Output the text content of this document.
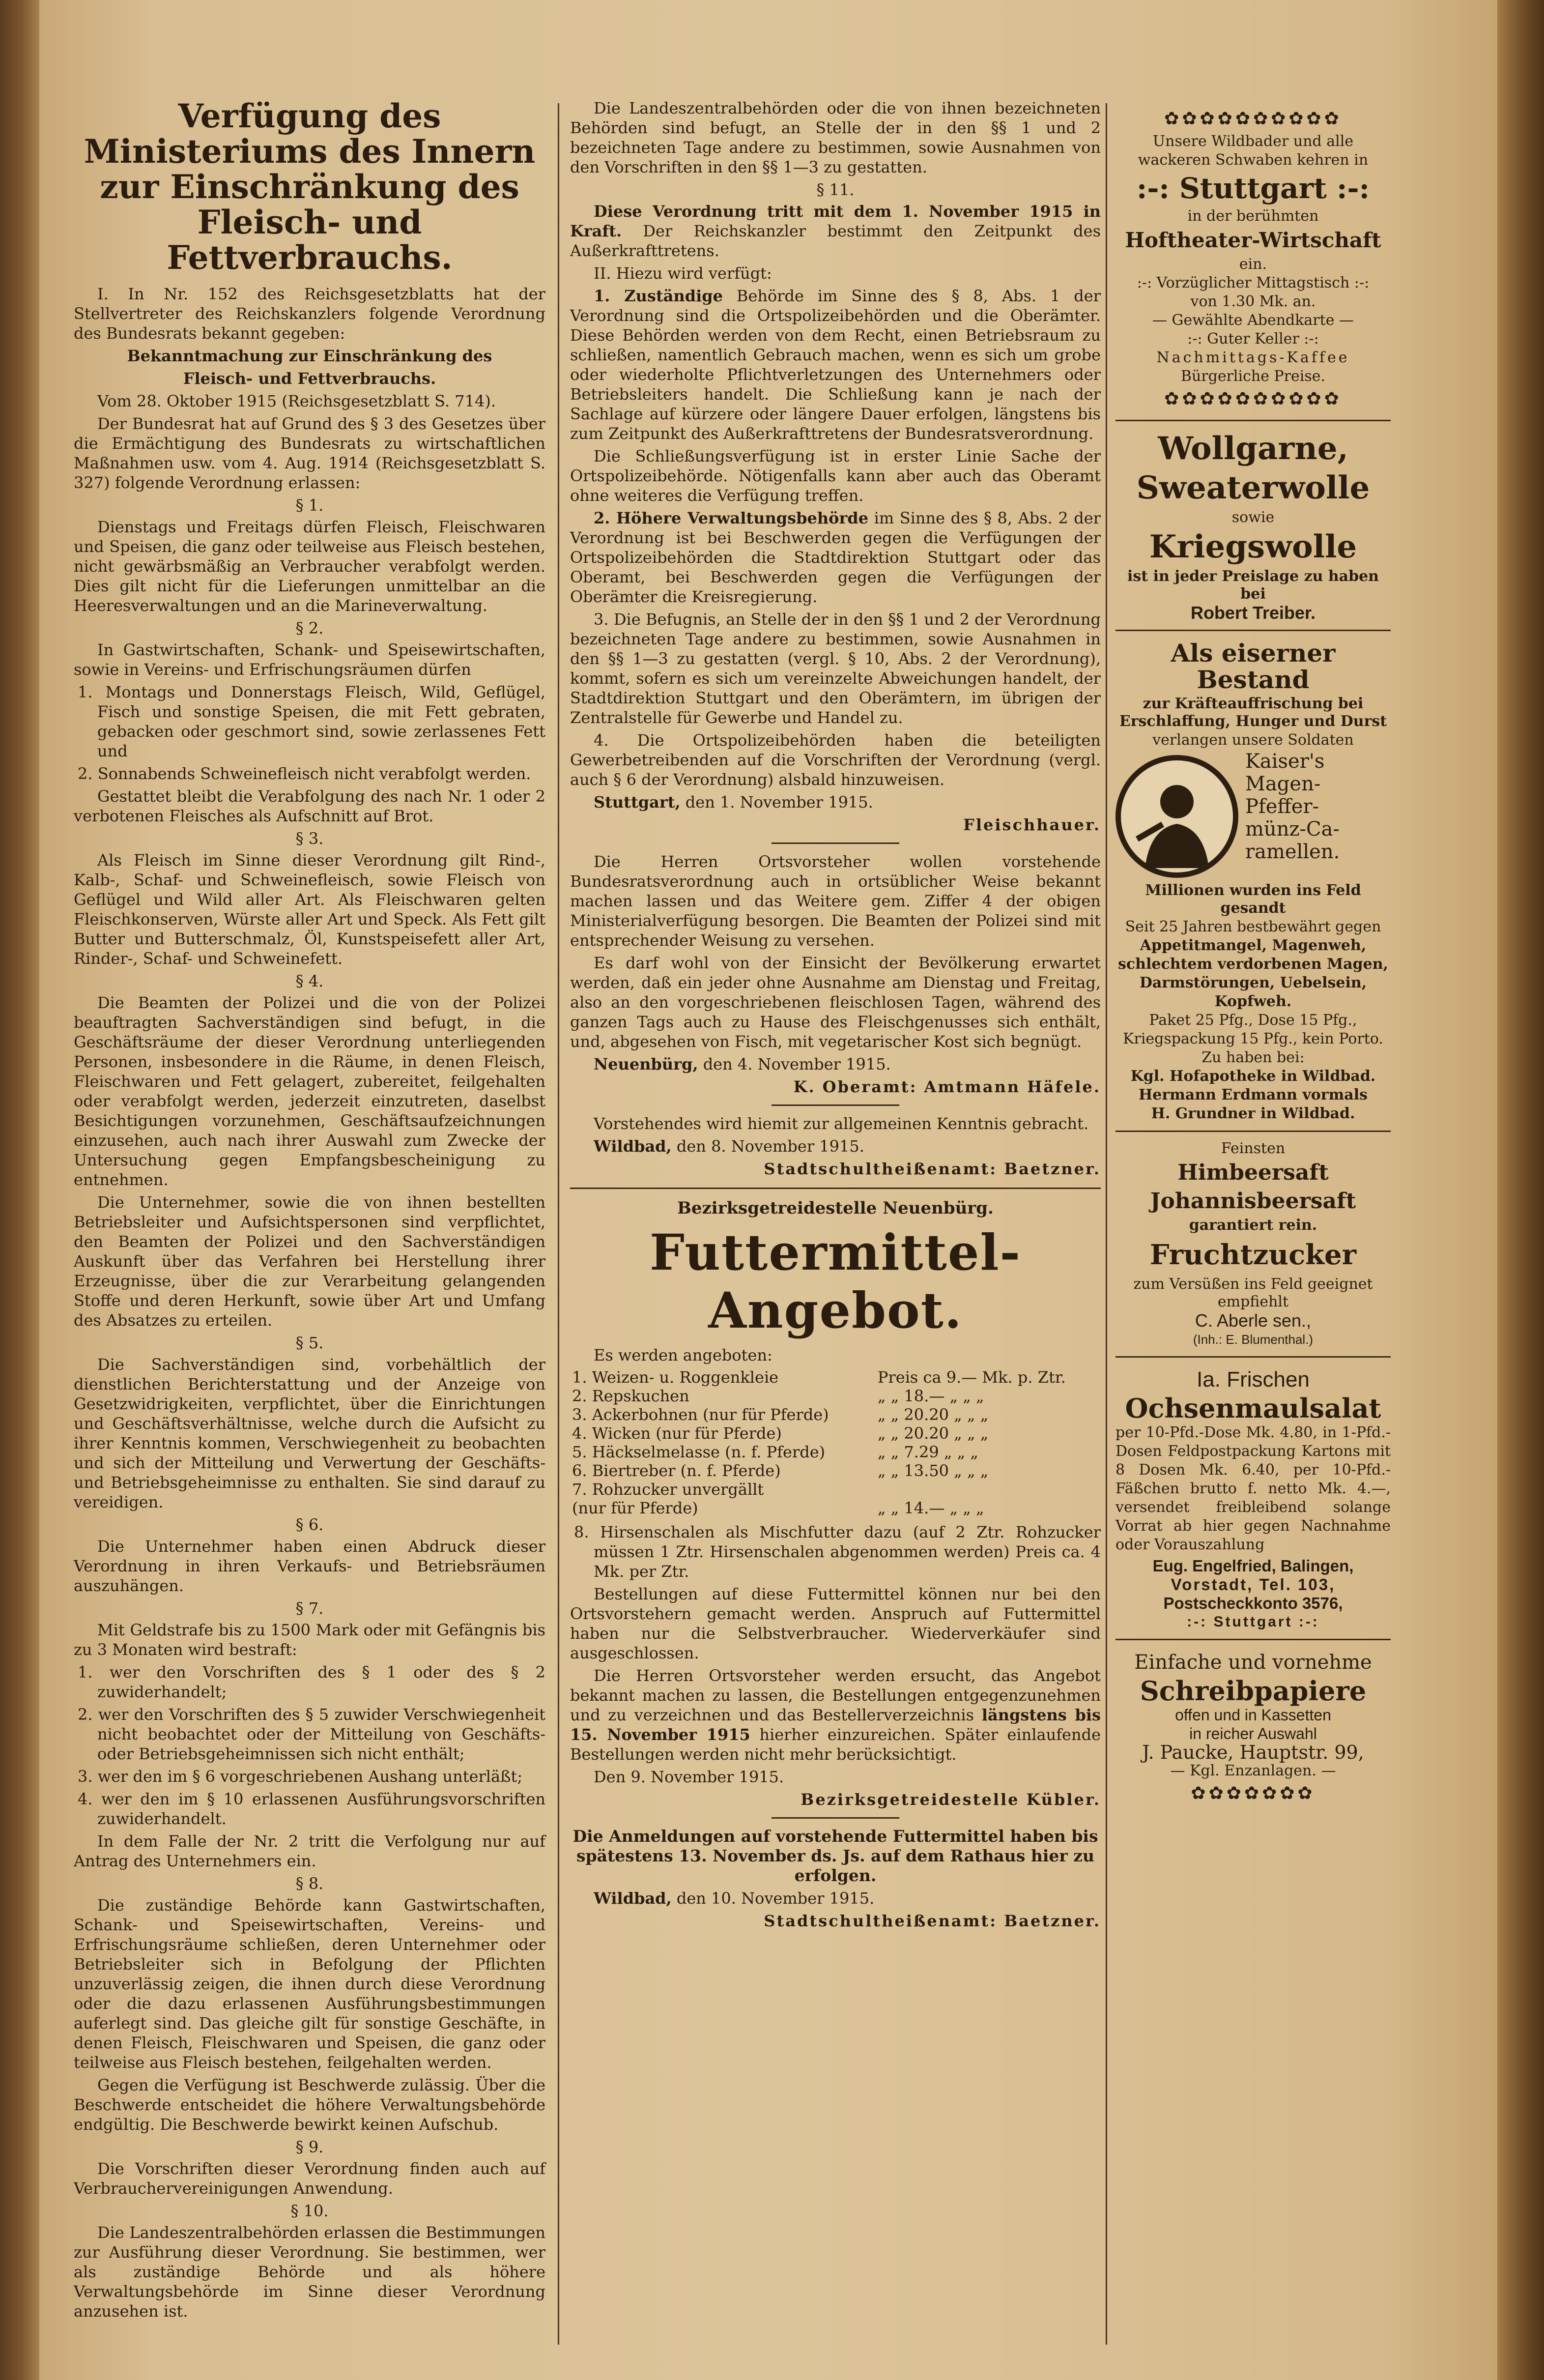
Verfügung des Ministeriums des Innern
zur Einschränkung des Fleisch- und Fettverbrauchs.

I. In Nr. 152 des Reichsgesetzblatts hat der Stellvertreter des Reichskanzlers folgende Verordnung des Bundesrats bekannt gegeben:

Bekanntmachung zur Einschränkung des

Fleisch- und Fettverbrauchs.

Vom 28. Oktober 1915 (Reichsgesetzblatt S. 714).

Der Bundesrat hat auf Grund des § 3 des Gesetzes über die Ermächtigung des Bundesrats zu wirtschaftlichen Maßnahmen usw. vom 4. Aug. 1914 (Reichsgesetzblatt S. 327) folgende Verordnung erlassen:

§ 1.

Dienstags und Freitags dürfen Fleisch, Fleischwaren und Speisen, die ganz oder teilweise aus Fleisch bestehen, nicht gewärbsmäßig an Verbraucher verabfolgt werden. Dies gilt nicht für die Lieferungen unmittelbar an die Heeresverwaltungen und an die Marineverwaltung.

§ 2.

In Gastwirtschaften, Schank- und Speisewirtschaften, sowie in Vereins- und Erfrischungsräumen dürfen

1. Montags und Donnerstags Fleisch, Wild, Geflügel, Fisch und sonstige Speisen, die mit Fett gebraten, gebacken oder geschmort sind, sowie zerlassenes Fett und

2. Sonnabends Schweinefleisch nicht verabfolgt werden.

Gestattet bleibt die Verabfolgung des nach Nr. 1 oder 2 verbotenen Fleisches als Aufschnitt auf Brot.

§ 3.

Als Fleisch im Sinne dieser Verordnung gilt Rind-, Kalb-, Schaf- und Schweinefleisch, sowie Fleisch von Geflügel und Wild aller Art. Als Fleischwaren gelten Fleischkonserven, Würste aller Art und Speck. Als Fett gilt Butter und Butterschmalz, Öl, Kunstspeisefett aller Art, Rinder-, Schaf- und Schweinefett.

§ 4.

Die Beamten der Polizei und die von der Polizei beauftragten Sachverständigen sind befugt, in die Geschäftsräume der dieser Verordnung unterliegenden Personen, insbesondere in die Räume, in denen Fleisch, Fleischwaren und Fett gelagert, zubereitet, feilgehalten oder verabfolgt werden, jederzeit einzutreten, daselbst Besichtigungen vorzunehmen, Geschäftsaufzeichnungen einzusehen, auch nach ihrer Auswahl zum Zwecke der Untersuchung gegen Empfangsbescheinigung zu entnehmen.

Die Unternehmer, sowie die von ihnen bestellten Betriebsleiter und Aufsichtspersonen sind verpflichtet, den Beamten der Polizei und den Sachverständigen Auskunft über das Verfahren bei Herstellung ihrer Erzeugnisse, über die zur Verarbeitung gelangenden Stoffe und deren Herkunft, sowie über Art und Umfang des Absatzes zu erteilen.

§ 5.

Die Sachverständigen sind, vorbehältlich der dienstlichen Berichterstattung und der Anzeige von Gesetzwidrigkeiten, verpflichtet, über die Einrichtungen und Geschäftsverhältnisse, welche durch die Aufsicht zu ihrer Kenntnis kommen, Verschwiegenheit zu beobachten und sich der Mitteilung und Verwertung der Geschäfts- und Betriebsgeheimnisse zu enthalten. Sie sind darauf zu vereidigen.

§ 6.

Die Unternehmer haben einen Abdruck dieser Verordnung in ihren Verkaufs- und Betriebsräumen auszuhängen.

§ 7.

Mit Geldstrafe bis zu 1500 Mark oder mit Gefängnis bis zu 3 Monaten wird bestraft:

1. wer den Vorschriften des § 1 oder des § 2 zuwiderhandelt;

2. wer den Vorschriften des § 5 zuwider Verschwiegenheit nicht beobachtet oder der Mitteilung von Geschäfts- oder Betriebsgeheimnissen sich nicht enthält;

3. wer den im § 6 vorgeschriebenen Aushang unterläßt;

4. wer den im § 10 erlassenen Ausführungsvorschriften zuwiderhandelt.

In dem Falle der Nr. 2 tritt die Verfolgung nur auf Antrag des Unternehmers ein.

§ 8.

Die zuständige Behörde kann Gastwirtschaften, Schank- und Speisewirtschaften, Vereins- und Erfrischungsräume schließen, deren Unternehmer oder Betriebsleiter sich in Befolgung der Pflichten unzuverlässig zeigen, die ihnen durch diese Verordnung oder die dazu erlassenen Ausführungsbestimmungen auferlegt sind. Das gleiche gilt für sonstige Geschäfte, in denen Fleisch, Fleischwaren und Speisen, die ganz oder teilweise aus Fleisch bestehen, feilgehalten werden.

Gegen die Verfügung ist Beschwerde zulässig. Über die Beschwerde entscheidet die höhere Verwaltungsbehörde endgültig. Die Beschwerde bewirkt keinen Aufschub.

§ 9.

Die Vorschriften dieser Verordnung finden auch auf Verbrauchervereinigungen Anwendung.

§ 10.

Die Landeszentralbehörden erlassen die Bestimmungen zur Ausführung dieser Verordnung. Sie bestimmen, wer als zuständige Behörde und als höhere Verwaltungsbehörde im Sinne dieser Verordnung anzusehen ist.

Die Landeszentralbehörden oder die von ihnen bezeichneten Behörden sind befugt, an Stelle der in den §§ 1 und 2 bezeichneten Tage andere zu bestimmen, sowie Ausnahmen von den Vorschriften in den §§ 1—3 zu gestatten.

§ 11.

Diese Verordnung tritt mit dem 1. November 1915 in Kraft. Der Reichskanzler bestimmt den Zeitpunkt des Außerkrafttretens.

II. Hiezu wird verfügt:

1. Zuständige Behörde im Sinne des § 8, Abs. 1 der Verordnung sind die Ortspolizeibehörden und die Oberämter. Diese Behörden werden von dem Recht, einen Betriebsraum zu schließen, namentlich Gebrauch machen, wenn es sich um grobe oder wiederholte Pflichtverletzungen des Unternehmers oder Betriebsleiters handelt. Die Schließung kann je nach der Sachlage auf kürzere oder längere Dauer erfolgen, längstens bis zum Zeitpunkt des Außerkrafttretens der Bundesratsverordnung.

Die Schließungsverfügung ist in erster Linie Sache der Ortspolizeibehörde. Nötigenfalls kann aber auch das Oberamt ohne weiteres die Verfügung treffen.

2. Höhere Verwaltungsbehörde im Sinne des § 8, Abs. 2 der Verordnung ist bei Beschwerden gegen die Verfügungen der Ortspolizeibehörden die Stadtdirektion Stuttgart oder das Oberamt, bei Beschwerden gegen die Verfügungen der Oberämter die Kreisregierung.

3. Die Befugnis, an Stelle der in den §§ 1 und 2 der Verordnung bezeichneten Tage andere zu bestimmen, sowie Ausnahmen in den §§ 1—3 zu gestatten (vergl. § 10, Abs. 2 der Verordnung), kommt, sofern es sich um vereinzelte Abweichungen handelt, der Stadtdirektion Stuttgart und den Oberämtern, im übrigen der Zentralstelle für Gewerbe und Handel zu.

4. Die Ortspolizeibehörden haben die beteiligten Gewerbetreibenden auf die Vorschriften der Verordnung (vergl. auch § 6 der Verordnung) alsbald hinzuweisen.

Stuttgart, den 1. November 1915.

Fleischhauer.

Die Herren Ortsvorsteher wollen vorstehende Bundesratsverordnung auch in ortsüblicher Weise bekannt machen lassen und das Weitere gem. Ziffer 4 der obigen Ministerialverfügung besorgen. Die Beamten der Polizei sind mit entsprechender Weisung zu versehen.

Es darf wohl von der Einsicht der Bevölkerung erwartet werden, daß ein jeder ohne Ausnahme am Dienstag und Freitag, also an den vorgeschriebenen fleischlosen Tagen, während des ganzen Tags auch zu Hause des Fleischgenusses sich enthält, und, abgesehen von Fisch, mit vegetarischer Kost sich begnügt.

Neuenbürg, den 4. November 1915.

K. Oberamt: Amtmann Häfele.

Vorstehendes wird hiemit zur allgemeinen Kenntnis gebracht.

Wildbad, den 8. November 1915.

Stadtschultheißenamt: Baetzner.

Bezirksgetreidestelle Neuenbürg.
Futtermittel-Angebot.

Es werden angeboten:

1. Weizen- u. Roggenkleie	Preis ca 9.— Mk. p. Ztr.
2. Repskuchen	„ „ 18.— „ „ „
3. Ackerbohnen (nur für Pferde)	„ „ 20.20 „ „ „
4. Wicken (nur für Pferde)	„ „ 20.20 „ „ „
5. Häckselmelasse (n. f. Pferde)	„ „ 7.29 „ „ „
6. Biertreber (n. f. Pferde)	„ „ 13.50 „ „ „
7. Rohzucker unvergällt	
(nur für Pferde)	„ „ 14.— „ „ „

8. Hirsenschalen als Mischfutter dazu (auf 2 Ztr. Rohzucker müssen 1 Ztr. Hirsenschalen abgenommen werden) Preis ca. 4 Mk. per Ztr.

Bestellungen auf diese Futtermittel können nur bei den Ortsvorstehern gemacht werden. Anspruch auf Futtermittel haben nur die Selbstverbraucher. Wiederverkäufer sind ausgeschlossen.

Die Herren Ortsvorsteher werden ersucht, das Angebot bekannt machen zu lassen, die Bestellungen entgegenzunehmen und zu verzeichnen und das Bestellerverzeichnis längstens bis 15. November 1915 hierher einzureichen. Später einlaufende Bestellungen werden nicht mehr berücksichtigt.

Den 9. November 1915.

Bezirksgetreidestelle Kübler.

Die Anmeldungen auf vorstehende Futtermittel haben bis spätestens 13. November ds. Js. auf dem Rathaus hier zu erfolgen.

Wildbad, den 10. November 1915.

Stadtschultheißenamt: Baetzner.

✿✿✿✿✿✿✿✿✿✿
Unsere Wildbader und alle
wackeren Schwaben kehren in
:-: Stuttgart :-:
in der berühmten
Hoftheater-Wirtschaft
ein.
:-: Vorzüglicher Mittagstisch :-:
von 1.30 Mk. an.
— Gewählte Abendkarte —
:-: Guter Keller :-:
Nachmittags-Kaffee
Bürgerliche Preise.
✿✿✿✿✿✿✿✿✿✿
Wollgarne,
Sweaterwolle
sowie
Kriegswolle
ist in jeder Preislage zu haben bei
Robert Treiber.
Als eiserner Bestand
zur Kräfteauffrischung bei Erschlaffung, Hunger und Durst
verlangen unsere Soldaten
Kaiser's
Magen-
Pfeffer-
münz-Ca-
ramellen.
Millionen wurden ins Feld gesandt
Seit 25 Jahren bestbewährt gegen
Appetitmangel, Magenweh,
schlechtem verdorbenen Magen,
Darmstörungen, Uebelsein,
Kopfweh.
Paket 25 Pfg., Dose 15 Pfg.,
Kriegspackung 15 Pfg., kein Porto.
Zu haben bei:
Kgl. Hofapotheke in Wildbad.
Hermann Erdmann vormals
H. Grundner in Wildbad.
Feinsten
Himbeersaft
Johannisbeersaft
garantiert rein.
Fruchtzucker
zum Versüßen ins Feld geeignet empfiehlt
C. Aberle sen.,
(Inh.: E. Blumenthal.)
Ia. Frischen
Ochsenmaulsalat

per 10-Pfd.-Dose Mk. 4.80, in 1-Pfd.-Dosen Feldpostpackung Kartons mit 8 Dosen Mk. 6.40, per 10-Pfd.-Fäßchen brutto f. netto Mk. 4.—, versendet freibleibend solange Vorrat ab hier gegen Nachnahme oder Vorauszahlung

Eug. Engelfried, Balingen,
Vorstadt, Tel. 103,
Postscheckkonto 3576,
:-: Stuttgart :-:
Einfache und vornehme
Schreibpapiere
offen und in Kassetten
in reicher Auswahl
J. Paucke, Hauptstr. 99,
— Kgl. Enzanlagen. —
✿✿✿✿✿✿✿
